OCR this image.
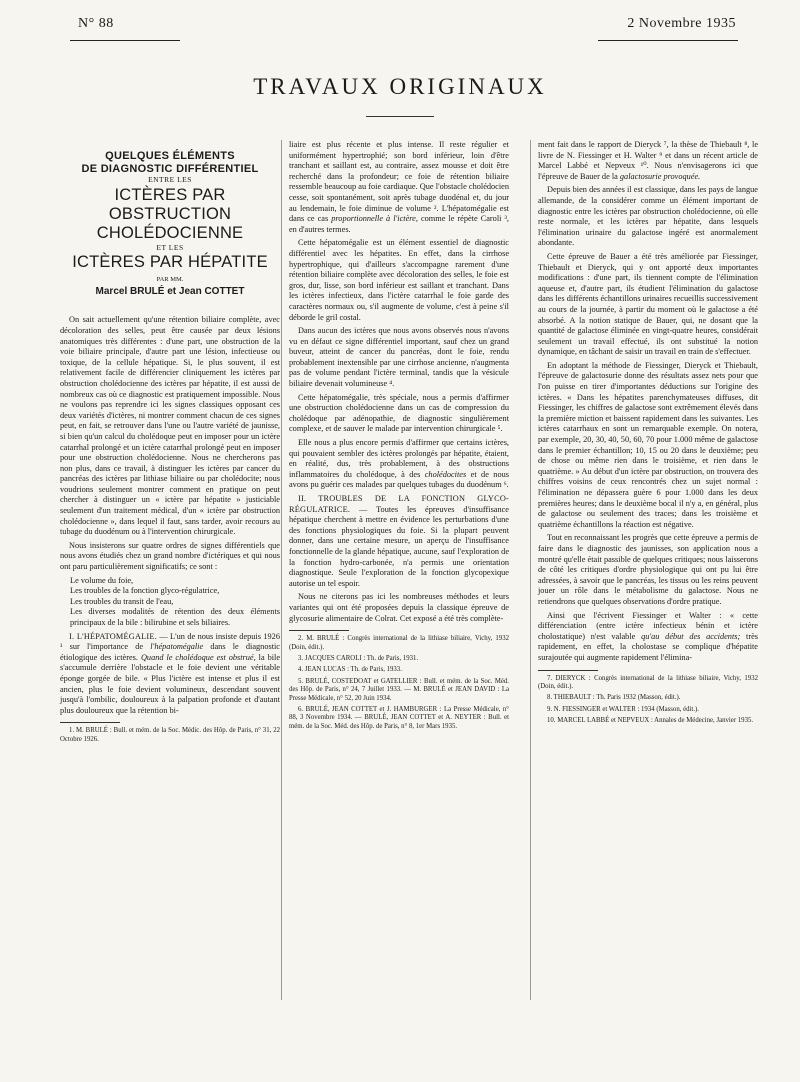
N° 88	2 Novembre 1935
TRAVAUX ORIGINAUX
QUELQUES ÉLÉMENTS
DE DIAGNOSTIC DIFFÉRENTIEL
ENTRE LES
ICTÈRES PAR OBSTRUCTION
CHOLÉDOCIENNE
ET LES
ICTÈRES PAR HÉPATITE
PAR MM.
Marcel BRULÉ et Jean COTTET

On sait actuellement qu'une rétention biliaire complète, avec décoloration des selles, peut être causée par deux lésions anatomiques très différentes : d'une part, une obstruction de la voie biliaire principale, d'autre part une lésion, infectieuse ou toxique, de la cellule hépatique. Si, le plus souvent, il est relativement facile de différencier cliniquement les ictères par obstruction cholédocienne des ictères par hépatite, il est aussi de nombreux cas où ce diagnostic est pratiquement impossible. Nous ne voulons pas reprendre ici les signes classiques opposant ces deux variétés d'ictères, ni montrer comment chacun de ces signes peut, en fait, se retrouver dans l'une ou l'autre variété de jaunisse, si bien qu'un calcul du cholédoque peut en imposer pour un ictère catarrhal prolongé et un ictère catarrhal prolongé peut en imposer pour une obstruction cholédocienne. Nous ne chercherons pas non plus, dans ce travail, à distinguer les ictères par cancer du pancréas des ictères par lithiase biliaire ou par cholédocite; nous voudrions seulement montrer comment en pratique on peut chercher à distinguer un « ictère par hépatite » justiciable seulement d'un traitement médical, d'un « ictère par obstruction cholédocienne », dans lequel il faut, sans tarder, avoir recours au tubage du duodénum ou à l'intervention chirurgicale.

Nous insisterons sur quatre ordres de signes différentiels que nous avons étudiés chez un grand nombre d'ictériques et qui nous ont paru particulièrement significatifs; ce sont :

Le volume du foie,

Les troubles de la fonction glyco-régulatrice,

Les troubles du transit de l'eau,

Les diverses modalités de rétention des deux éléments principaux de la bile : bilirubine et sels biliaires.

I. L'HÉPATOMÉGALIE. — L'un de nous insiste depuis 1926 ¹ sur l'importance de l'hépatomégalie dans le diagnostic étiologique des ictères. Quand le cholédoque est obstrué, la bile s'accumule derrière l'obstacle et le foie devient une véritable éponge gorgée de bile. « Plus l'ictère est intense et plus il est ancien, plus le foie devient volumineux, descendant souvent jusqu'à l'ombilic, douloureux à la palpation profonde et d'autant plus douloureux que la rétention bi-

1. M. BRULÉ : Bull. et mém. de la Soc. Médic. des Hôp. de Paris, n° 31, 22 Octobre 1926.

liaire est plus récente et plus intense. Il reste régulier et uniformément hypertrophié; son bord inférieur, loin d'être tranchant et saillant est, au contraire, assez mousse et doit être recherché dans la profondeur; ce foie de rétention biliaire ressemble beaucoup au foie cardiaque. Que l'obstacle cholédocien cesse, soit spontanément, soit après tubage duodénal et, du jour au lendemain, le foie diminue de volume ². L'hépatomégalie est dans ce cas proportionnelle à l'ictère, comme le répète Caroli ³, en d'autres termes.

Cette hépatomégalie est un élément essentiel de diagnostic différentiel avec les hépatites. En effet, dans la cirrhose hypertrophique, qui d'ailleurs s'accompagne rarement d'une rétention biliaire complète avec décoloration des selles, le foie est gros, dur, lisse, son bord inférieur est saillant et tranchant. Dans les ictères infectieux, dans l'ictère catarrhal le foie garde des caractères normaux ou, s'il augmente de volume, c'est à peine s'il déborde le gril costal.

Dans aucun des ictères que nous avons observés nous n'avons vu en défaut ce signe différentiel important, sauf chez un grand buveur, atteint de cancer du pancréas, dont le foie, rendu probablement inextensible par une cirrhose ancienne, n'augmenta pas de volume pendant l'ictère terminal, tandis que la vésicule biliaire devenait volumineuse ⁴.

Cette hépatomégalie, très spéciale, nous a permis d'affirmer une obstruction cholédocienne dans un cas de compression du cholédoque par adénopathie, de diagnostic singulièrement complexe, et de sauver le malade par intervention chirurgicale ⁵.

Elle nous a plus encore permis d'affirmer que certains ictères, qui pouvaient sembler des ictères prolongés par hépatite, étaient, en réalité, dus, très probablement, à des obstructions inflammatoires du cholédoque, à des cholédocites et de nous avons pu guérir ces malades par quelques tubages du duodénum ⁶.

II. TROUBLES DE LA FONCTION GLYCO-RÉGULATRICE. — Toutes les épreuves d'insuffisance hépatique cherchent à mettre en évidence les perturbations d'une des fonctions physiologiques du foie. Si la plupart peuvent donner, dans une certaine mesure, un aperçu de l'insuffisance fonctionnelle de la glande hépatique, aucune, sauf l'exploration de la fonction hydro-carbonée, n'a permis une orientation diagnostique. Seule l'exploration de la fonction glycopexique autorise un tel espoir.

Nous ne citerons pas ici les nombreuses méthodes et leurs variantes qui ont été proposées depuis la classique épreuve de glycosurie alimentaire de Colrat. Cet exposé a été très complète-

2. M. BRULÉ : Congrès international de la lithiase biliaire, Vichy, 1932 (Doin, édit.).

3. JACQUES CAROLI : Th. de Paris, 1931.

4. JEAN LUCAS : Th. de Paris, 1933.

5. BRULÉ, COSTEDOAT et GATELLIER : Bull. et mém. de la Soc. Méd. des Hôp. de Paris, n° 24, 7 Juillet 1933. — M. BRULÉ et JEAN DAVID : La Presse Médicale, n° 52, 20 Juin 1934.

6. BRULÉ, JEAN COTTET et J. HAMBURGER : La Presse Médicale, n° 88, 3 Novembre 1934. — BRULÉ, JEAN COTTET et A. NEYTER : Bull. et mém. de la Soc. Méd. des Hôp. de Paris, n° 8, 1er Mars 1935.

ment fait dans le rapport de Dieryck ⁷, la thèse de Thiebault ⁸, le livre de N. Fiessinger et H. Walter ⁹ et dans un récent article de Marcel Labbé et Nepveux ¹⁰. Nous n'envisagerons ici que l'épreuve de Bauer de la galactosurie provoquée.

Depuis bien des années il est classique, dans les pays de langue allemande, de la considérer comme un élément important de diagnostic entre les ictères par obstruction cholédocienne, où elle reste normale, et les ictères par hépatite, dans lesquels l'élimination urinaire du galactose ingéré est anormalement abondante.

Cette épreuve de Bauer a été très améliorée par Fiessinger, Thiebault et Dieryck, qui y ont apporté deux importantes modifications : d'une part, ils tiennent compte de l'élimination aqueuse et, d'autre part, ils étudient l'élimination du galactose dans les différents échantillons urinaires recueillis successivement au cours de la journée, à partir du moment où le galactose a été absorbé. A la notion statique de Bauer, qui, ne dosant que la quantité de galactose éliminée en vingt-quatre heures, considérait seulement un travail effectué, ils ont substitué la notion dynamique, en tâchant de saisir un travail en train de s'effectuer.

En adoptant la méthode de Fiessinger, Dieryck et Thiebault, l'épreuve de galactosurie donne des résultats assez nets pour que l'on puisse en tirer d'importantes déductions sur l'origine des ictères. « Dans les hépatites parenchymateuses diffuses, dit Fiessinger, les chiffres de galactose sont extrêmement élevés dans la première miction et baissent rapidement dans les suivantes. Les ictères catarrhaux en sont un remarquable exemple. On notera, par exemple, 20, 30, 40, 50, 60, 70 pour 1.000 même de galactose dans le premier échantillon; 10, 15 ou 20 dans le deuxième; peu de chose ou même rien dans le troisième, et rien dans le quatrième. » Au début d'un ictère par obstruction, on trouvera des chiffres voisins de ceux rencontrés chez un sujet normal : l'élimination ne dépassera guère 6 pour 1.000 dans les deux premières heures; dans le deuxième bocal il n'y a, en général, plus de galactose ou seulement des traces; dans les troisième et quatrième échantillons la réaction est négative.

Tout en reconnaissant les progrès que cette épreuve a permis de faire dans le diagnostic des jaunisses, son application nous a montré qu'elle était passible de quelques critiques; nous laisserons de côté les critiques d'ordre physiologique qui ont pu lui être adressées, à savoir que le pancréas, les tissus ou les reins peuvent jouer un rôle dans le métabolisme du galactose. Nous ne retiendrons que quelques observations d'ordre pratique.

Ainsi que l'écrivent Fiessinger et Walter : « cette différenciation (entre ictère infectieux bénin et ictère cholostatique) n'est valable qu'au début des accidents; très rapidement, en effet, la cholostase se complique d'hépatite surajoutée qui augmente rapidement l'élimina-

7. DIERYCK : Congrès international de la lithiase biliaire, Vichy, 1932 (Doin, édit.).

8. THIEBAULT : Th. Paris 1932 (Masson, édit.).

9. N. FIESSINGER et WALTER : 1934 (Masson, édit.).

10. MARCEL LABBÉ et NEPVEUX : Annales de Médecine, Janvier 1935.
